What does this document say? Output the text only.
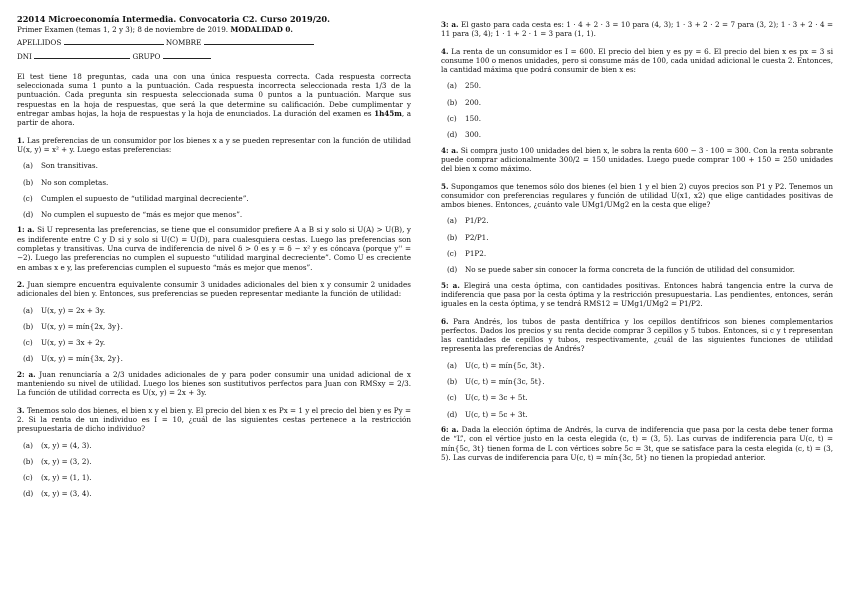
22014 Microeconomía Intermedia. Convocatoria C2. Curso 2019/20.

Primer Examen (temas 1, 2 y 3); 8 de noviembre de 2019. MODALIDAD 0.

APELLIDOS	NOMBRE

DNI	GRUPO

El test tiene 18 preguntas, cada una con una única respuesta correcta. Cada respuesta correcta seleccionada suma 1 punto a la puntuación. Cada respuesta incorrecta seleccionada resta 1/3 de la puntuación. Cada pregunta sin respuesta seleccionada suma 0 puntos a la puntuación. Marque sus respuestas en la hoja de respuestas, que será la que determine su calificación. Debe cumplimentar y entregar ambas hojas, la hoja de respuestas y la hoja de enunciados. La duración del examen es 1h45m, a partir de ahora.

1. Las preferencias de un consumidor por los bienes x a y se pueden representar con la función de utilidad U(x, y) = x² + y. Luego estas preferencias:

(a) Son transitivas.
(b) No son completas.
(c) Cumplen el supuesto de “utilidad marginal decreciente”.
(d) No cumplen el supuesto de “más es mejor que menos”.

1: a. Si U representa las preferencias, se tiene que el consumidor prefiere A a B si y solo si U(A) > U(B), y es indiferente entre C y D si y solo si U(C) = U(D), para cualesquiera cestas. Luego las preferencias son completas y transitivas. Una curva de indiferencia de nivel δ > 0 es y = δ − x² y es cóncava (porque y'' = −2). Luego las preferencias no cumplen el supuesto “utilidad marginal decreciente”. Como U es creciente en ambas x e y, las preferencias cumplen el supuesto “más es mejor que menos”.

2. Juan siempre encuentra equivalente consumir 3 unidades adicionales del bien x y consumir 2 unidades adicionales del bien y. Entonces, sus preferencias se pueden representar mediante la función de utilidad:

(a) U(x, y) = 2x + 3y.
(b) U(x, y) = mín{2x, 3y}.
(c) U(x, y) = 3x + 2y.
(d) U(x, y) = mín{3x, 2y}.

2: a. Juan renunciaría a 2/3 unidades adicionales de y para poder consumir una unidad adicional de x manteniendo su nivel de utilidad. Luego los bienes son sustitutivos perfectos para Juan con RMSxy = 2/3. La función de utilidad correcta es U(x, y) = 2x + 3y.

3. Tenemos solo dos bienes, el bien x y el bien y. El precio del bien x es Px = 1 y el precio del bien y es Py = 2. Si la renta de un individuo es I = 10, ¿cuál de las siguientes cestas pertenece a la restricción presupuestaria de dicho individuo?

(a) (x, y) = (4, 3).
(b) (x, y) = (3, 2).
(c) (x, y) = (1, 1).
(d) (x, y) = (3, 4).

3: a. El gasto para cada cesta es: 1 · 4 + 2 · 3 = 10 para (4, 3); 1 · 3 + 2 · 2 = 7 para (3, 2); 1 · 3 + 2 · 4 = 11 para (3, 4); 1 · 1 + 2 · 1 = 3 para (1, 1).

4. La renta de un consumidor es I = 600. El precio del bien y es py = 6. El precio del bien x es px = 3 si consume 100 o menos unidades, pero si consume más de 100, cada unidad adicional le cuesta 2. Entonces, la cantidad máxima que podrá consumir de bien x es:

(a) 250.
(b) 200.
(c) 150.
(d) 300.

4: a. Si compra justo 100 unidades del bien x, le sobra la renta 600 − 3 · 100 = 300. Con la renta sobrante puede comprar adicionalmente 300/2 = 150 unidades. Luego puede comprar 100 + 150 = 250 unidades del bien x como máximo.

5. Supongamos que tenemos sólo dos bienes (el bien 1 y el bien 2) cuyos precios son P1 y P2. Tenemos un consumidor con preferencias regulares y función de utilidad U(x1, x2) que elige cantidades positivas de ambos bienes. Entonces, ¿cuánto vale UMg1/UMg2 en la cesta que elige?

(a) P1/P2.
(b) P2/P1.
(c) P1P2.
(d) No se puede saber sin conocer la forma concreta de la función de utilidad del consumidor.

5: a. Elegirá una cesta óptima, con cantidades positivas. Entonces habrá tangencia entre la curva de indiferencia que pasa por la cesta óptima y la restricción presupuestaria. Las pendientes, entonces, serán iguales en la cesta óptima, y se tendrá RMS12 = UMg1/UMg2 = P1/P2.

6. Para Andrés, los tubos de pasta dentífrica y los cepillos dentífricos son bienes complementarios perfectos. Dados los precios y su renta decide comprar 3 cepillos y 5 tubos. Entonces, si c y t representan las cantidades de cepillos y tubos, respectivamente, ¿cuál de las siguientes funciones de utilidad representa las preferencias de Andrés?

(a) U(c, t) = mín{5c, 3t}.
(b) U(c, t) = mín{3c, 5t}.
(c) U(c, t) = 3c + 5t.
(d) U(c, t) = 5c + 3t.

6: a. Dada la elección óptima de Andrés, la curva de indiferencia que pasa por la cesta debe tener forma de “L”, con el vértice justo en la cesta elegida (c, t) = (3, 5). Las curvas de indiferencia para U(c, t) = mín{5c, 3t} tienen forma de L con vértices sobre 5c = 3t, que se satisface para la cesta elegida (c, t) = (3, 5). Las curvas de indiferencia para U(c, t) = mín{3c, 5t} no tienen la propiedad anterior.
